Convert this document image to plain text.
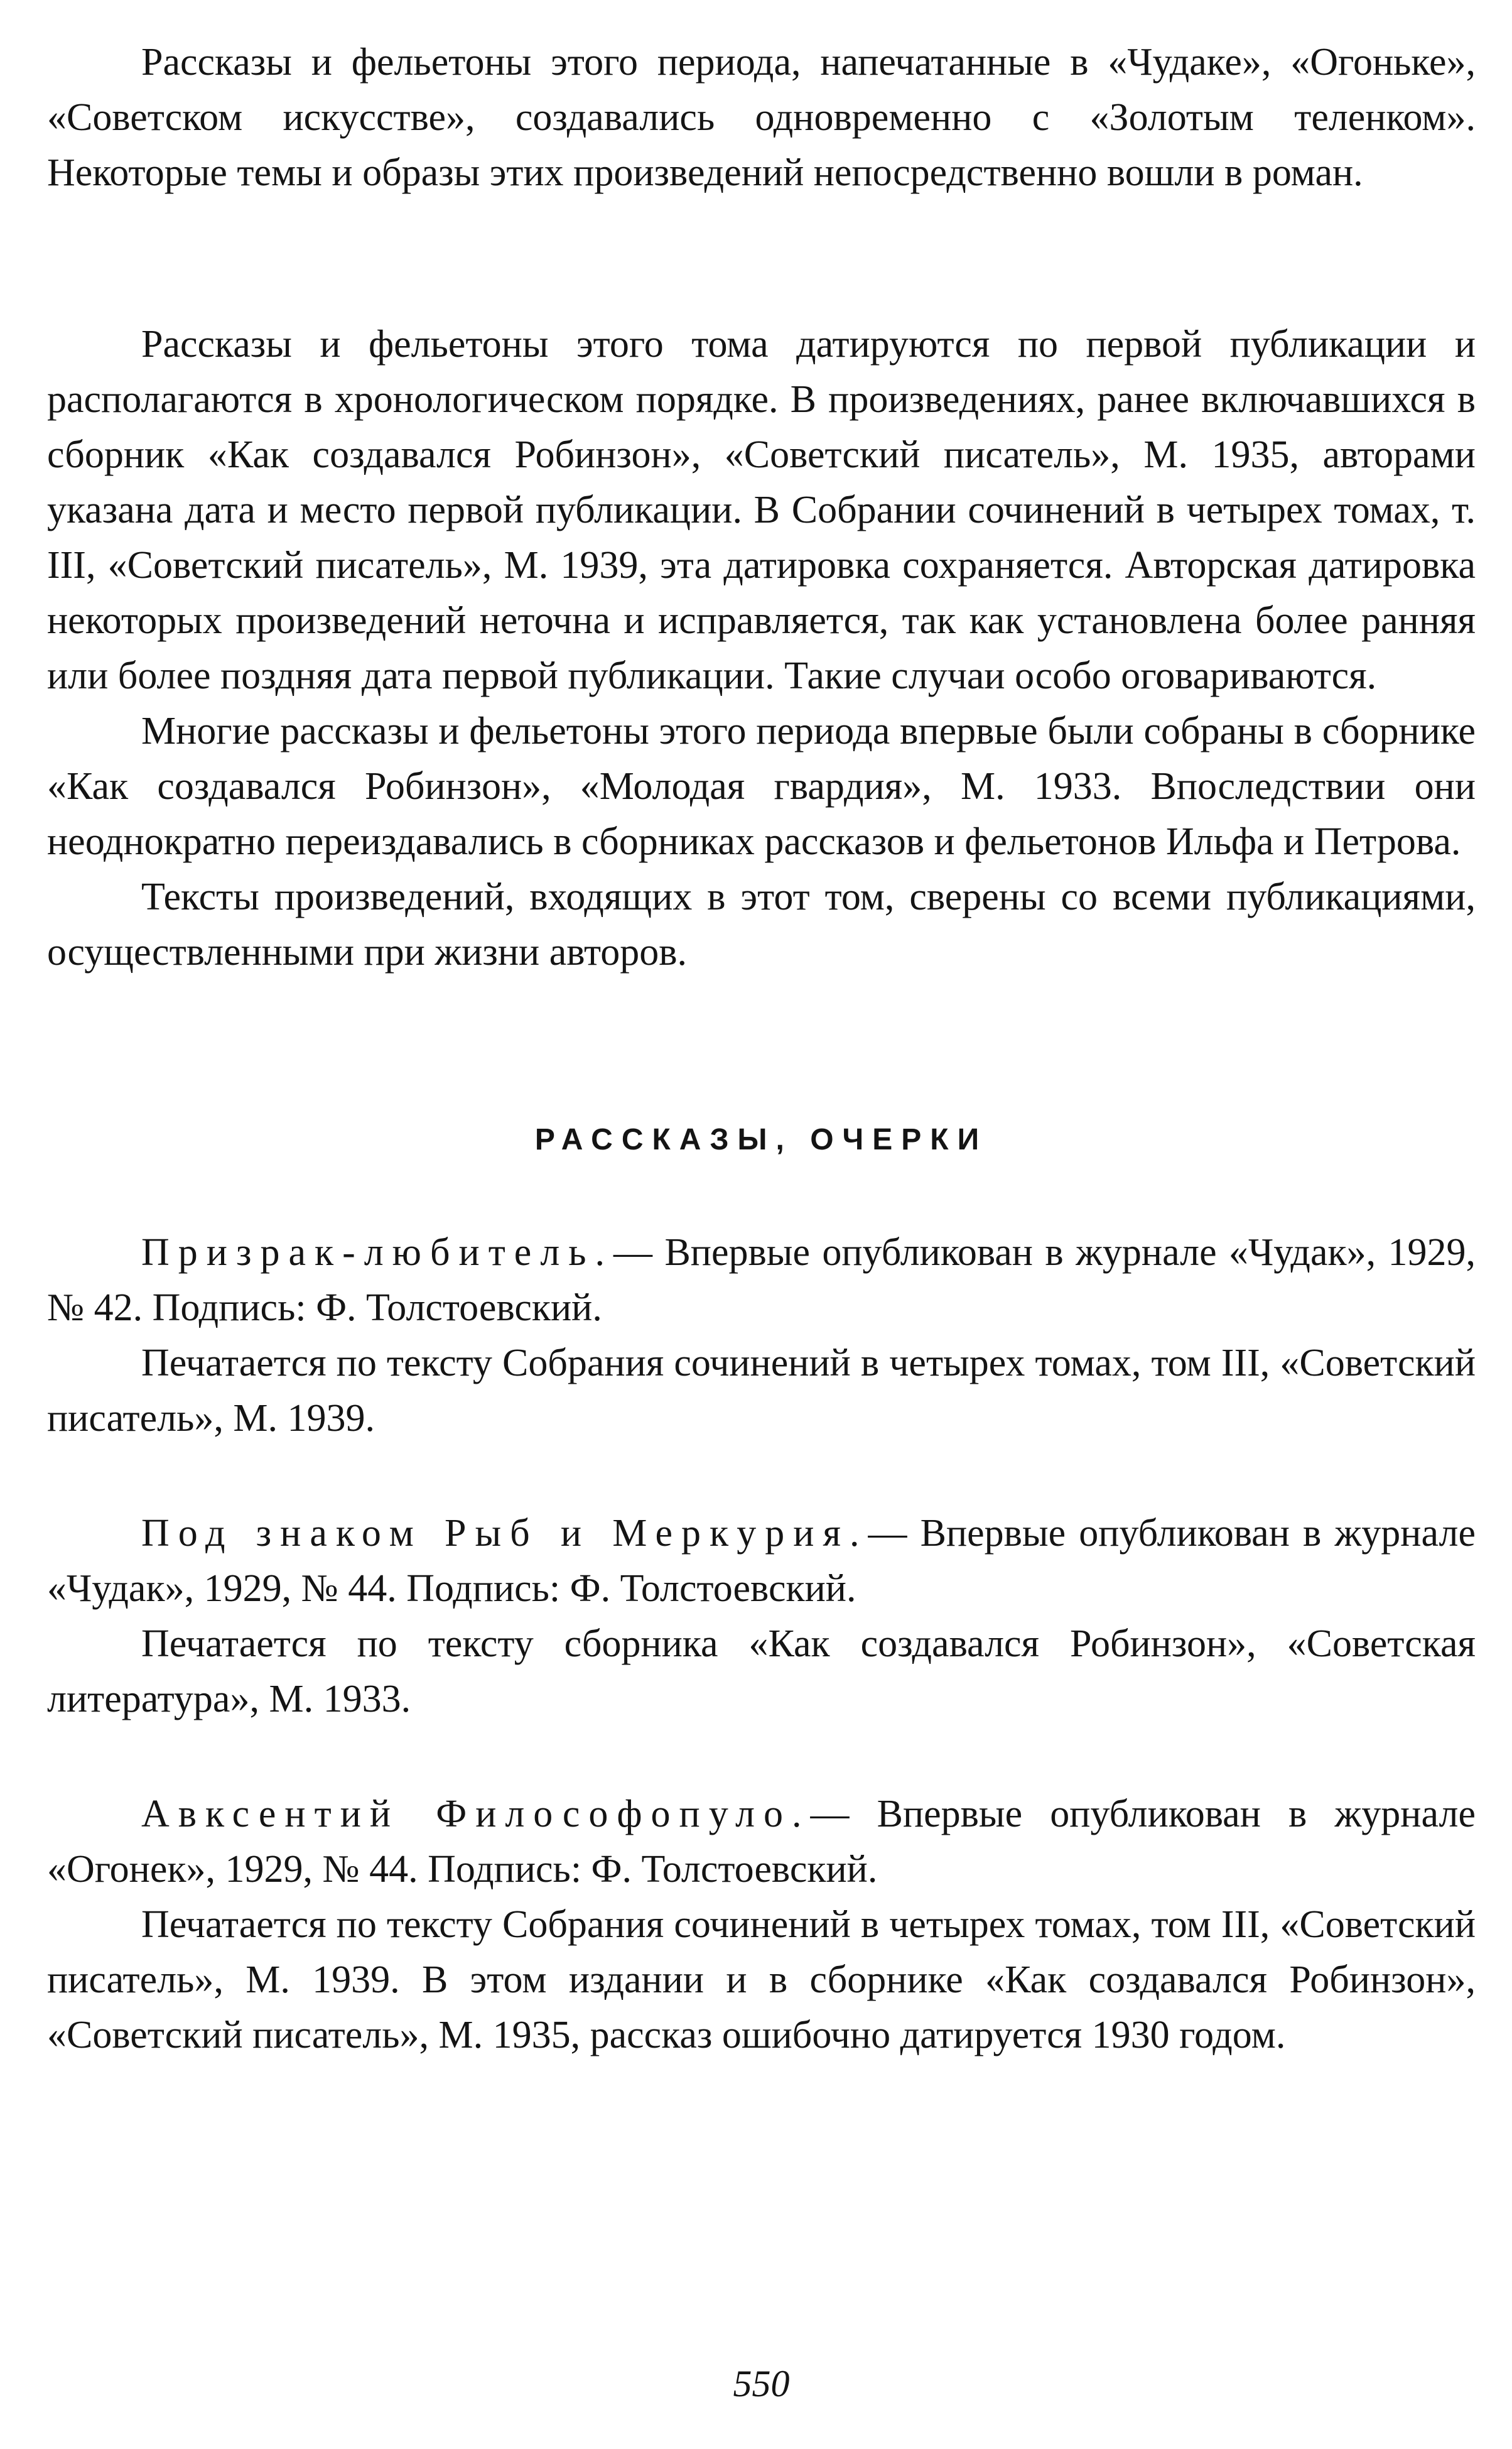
Рассказы и фельетоны этого периода, напечатанные в «Чудаке», «Огоньке», «Советском искусстве», создавались одновременно с «Золотым теленком». Некоторые темы и образы этих произведений непосредственно вошли в роман.

Рассказы и фельетоны этого тома датируются по первой публикации и располагаются в хронологическом порядке. В произведениях, ранее включавшихся в сборник «Как создавался Робинзон», «Советский писатель», М. 1935, авторами указана дата и место первой публикации. В Собрании сочинений в четырех томах, т. III, «Советский писатель», М. 1939, эта датировка сохраняется. Авторская датировка некоторых произведений неточна и исправляется, так как установлена более ранняя или более поздняя дата первой публикации. Такие случаи особо оговариваются.

Многие рассказы и фельетоны этого периода впервые были собраны в сборнике «Как создавался Робинзон», «Молодая гвардия», М. 1933. Впоследствии они неоднократно переиздавались в сборниках рассказов и фельетонов Ильфа и Петрова.

Тексты произведений, входящих в этот том, сверены со всеми публикациями, осуществленными при жизни авторов.

РАССКАЗЫ, ОЧЕРКИ

Призрак-любитель.— Впервые опубликован в журнале «Чудак», 1929, № 42. Подпись: Ф. Толстоевский.

Печатается по тексту Собрания сочинений в четырех томах, том III, «Советский писатель», М. 1939.

Под знаком Рыб и Меркурия.— Впервые опубликован в журнале «Чудак», 1929, № 44. Подпись: Ф. Толстоевский.

Печатается по тексту сборника «Как создавался Робинзон», «Советская литература», М. 1933.

Авксентий Философопуло.— Впервые опубликован в журнале «Огонек», 1929, № 44. Подпись: Ф. Толстоевский.

Печатается по тексту Собрания сочинений в четырех томах, том III, «Советский писатель», М. 1939. В этом издании и в сборнике «Как создавался Робинзон», «Советский писатель», М. 1935, рассказ ошибочно датируется 1930 годом.

550
